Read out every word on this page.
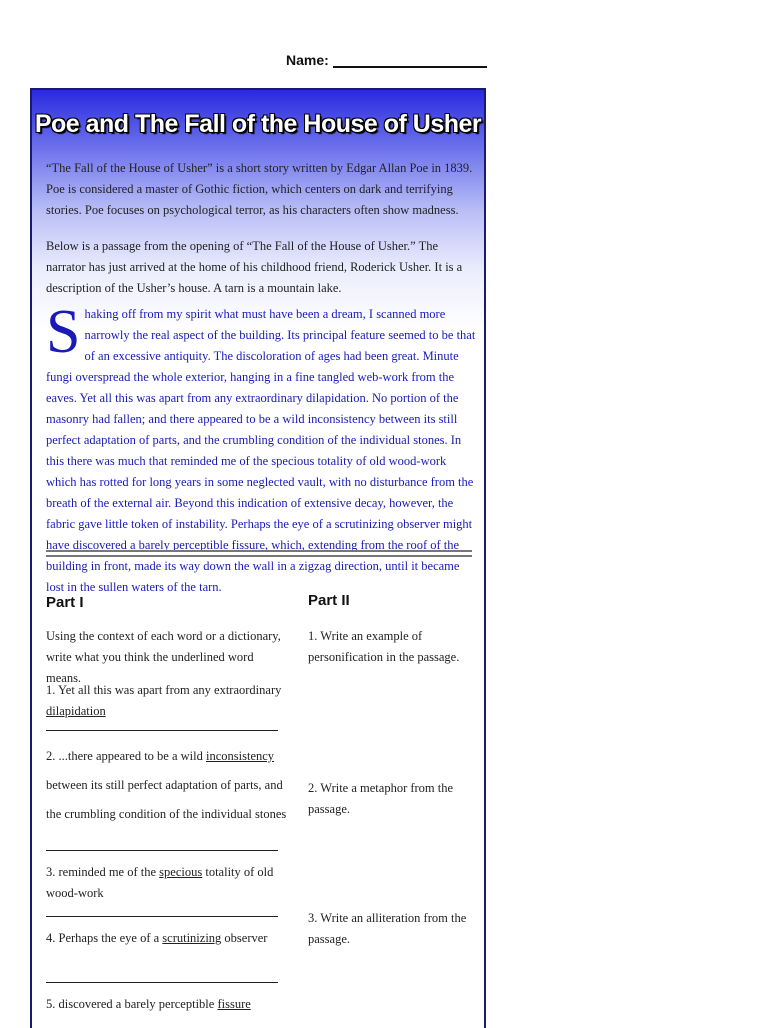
Name:
Poe and The Fall of the House of Usher
“The Fall of the House of Usher” is a short story written by Edgar Allan Poe in 1839. Poe is considered a master of Gothic fiction, which centers on dark and terrifying stories. Poe focuses on psychological terror, as his characters often show madness.
Below is a passage from the opening of “The Fall of the House of Usher.” The narrator has just arrived at the home of his childhood friend, Roderick Usher. It is a description of the Usher’s house. A tarn is a mountain lake.
S haking off from my spirit what must have been a dream, I scanned more narrowly the real aspect of the building. Its principal feature seemed to be that of an excessive antiquity. The discoloration of ages had been great. Minute fungi overspread the whole exterior, hanging in a fine tangled web-work from the eaves. Yet all this was apart from any extraordinary dilapidation. No portion of the masonry had fallen; and there appeared to be a wild inconsistency between its still perfect adaptation of parts, and the crumbling condition of the individual stones. In this there was much that reminded me of the specious totality of old wood-work which has rotted for long years in some neglected vault, with no disturbance from the breath of the external air. Beyond this indication of extensive decay, however, the fabric gave little token of instability. Perhaps the eye of a scrutinizing observer might have discovered a barely perceptible fissure, which, extending from the roof of the building in front, made its way down the wall in a zigzag direction, until it became lost in the sullen waters of the tarn.
Part I	Part II
Using the context of each word or a dictionary, write what you think the underlined word means.
1. Yet all this was apart from any extraordinary dilapidation
2. ...there appeared to be a wild inconsistency between its still perfect adaptation of parts, and the crumbling condition of the individual stones
3. reminded me of the specious totality of old wood-work
4. Perhaps the eye of a scrutinizing observer
5. discovered a barely perceptible fissure
1. Write an example of personification in the passage.
2. Write a metaphor from the passage.
3. Write an alliteration from the passage.
